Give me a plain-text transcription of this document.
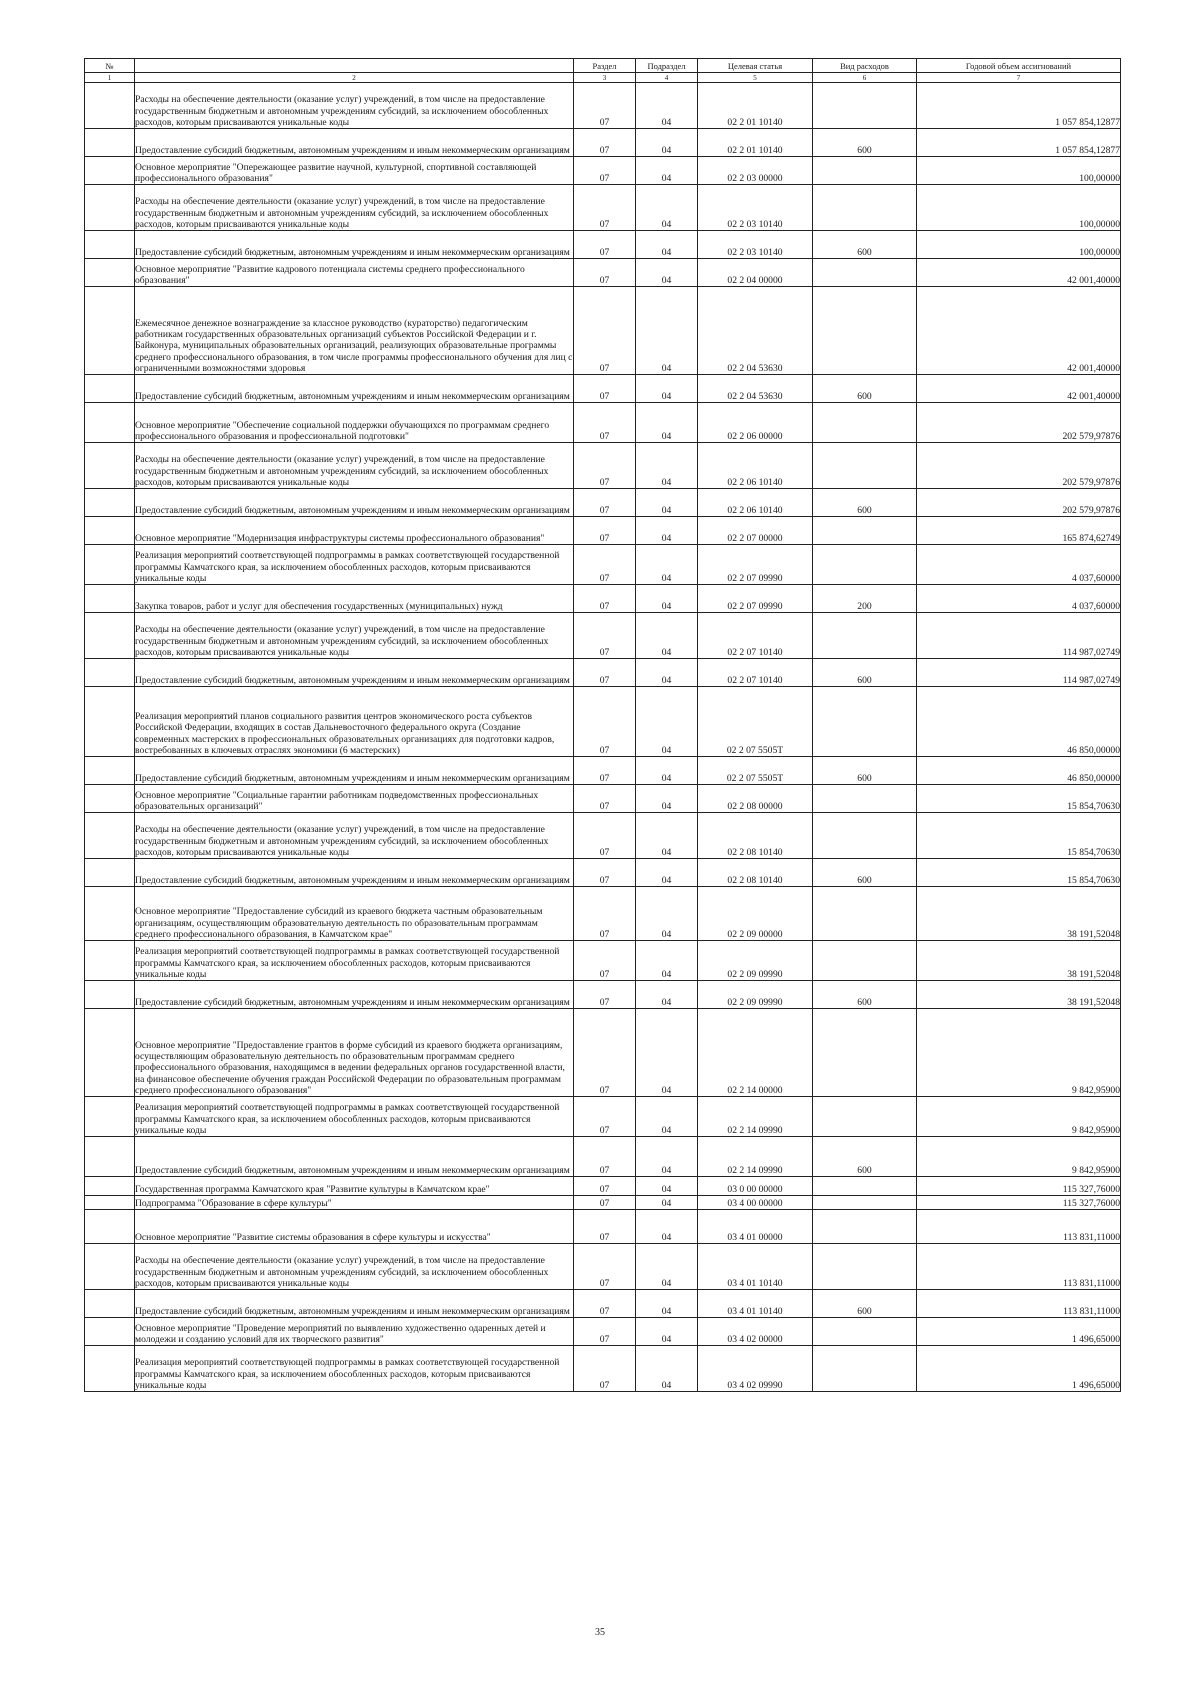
№		Раздел	Подраздел	Целевая статья	Вид расходов	Годовой объем ассигнований
1	2	3	4	5	6	7
	Расходы на обеспечение деятельности (оказание услуг) учреждений, в том числе на предоставление государственным бюджетным и автономным учреждениям субсидий, за исключением обособленных расходов, которым присваиваются уникальные коды	07	04	02 2 01 10140		1 057 854,12877
	Предоставление субсидий бюджетным, автономным учреждениям и иным некоммерческим организациям	07	04	02 2 01 10140	600	1 057 854,12877
	Основное мероприятие "Опережающее развитие научной, культурной, спортивной составляющей профессионального образования"	07	04	02 2 03 00000		100,00000
	Расходы на обеспечение деятельности (оказание услуг) учреждений, в том числе на предоставление государственным бюджетным и автономным учреждениям субсидий, за исключением обособленных расходов, которым присваиваются уникальные коды	07	04	02 2 03 10140		100,00000
	Предоставление субсидий бюджетным, автономным учреждениям и иным некоммерческим организациям	07	04	02 2 03 10140	600	100,00000
	Основное мероприятие "Развитие кадрового потенциала системы среднего профессионального образования"	07	04	02 2 04 00000		42 001,40000
	Ежемесячное денежное вознаграждение за классное руководство (кураторство) педагогическим работникам государственных образовательных организаций субъектов Российской Федерации и г. Байконура, муниципальных образовательных организаций, реализующих образовательные программы среднего профессионального образования, в том числе программы профессионального обучения для лиц с ограниченными возможностями здоровья	07	04	02 2 04 53630		42 001,40000
	Предоставление субсидий бюджетным, автономным учреждениям и иным некоммерческим организациям	07	04	02 2 04 53630	600	42 001,40000
	Основное мероприятие "Обеспечение социальной поддержки обучающихся по программам среднего профессионального образования и профессиональной подготовки"	07	04	02 2 06 00000		202 579,97876
	Расходы на обеспечение деятельности (оказание услуг) учреждений, в том числе на предоставление государственным бюджетным и автономным учреждениям субсидий, за исключением обособленных расходов, которым присваиваются уникальные коды	07	04	02 2 06 10140		202 579,97876
	Предоставление субсидий бюджетным, автономным учреждениям и иным некоммерческим организациям	07	04	02 2 06 10140	600	202 579,97876
	Основное мероприятие "Модернизация инфраструктуры системы профессионального образования"	07	04	02 2 07 00000		165 874,62749
	Реализация мероприятий соответствующей подпрограммы в рамках соответствующей государственной программы Камчатского края, за исключением обособленных расходов, которым присваиваются уникальные коды	07	04	02 2 07 09990		4 037,60000
	Закупка товаров, работ и услуг для обеспечения государственных (муниципальных) нужд	07	04	02 2 07 09990	200	4 037,60000
	Расходы на обеспечение деятельности (оказание услуг) учреждений, в том числе на предоставление государственным бюджетным и автономным учреждениям субсидий, за исключением обособленных расходов, которым присваиваются уникальные коды	07	04	02 2 07 10140		114 987,02749
	Предоставление субсидий бюджетным, автономным учреждениям и иным некоммерческим организациям	07	04	02 2 07 10140	600	114 987,02749
	Реализация мероприятий планов социального развития центров экономического роста субъектов Российской Федерации, входящих в состав Дальневосточного федерального округа (Создание современных мастерских в профессиональных образовательных организациях для подготовки кадров, востребованных в ключевых отраслях экономики (6 мастерских)	07	04	02 2 07 5505Т		46 850,00000
	Предоставление субсидий бюджетным, автономным учреждениям и иным некоммерческим организациям	07	04	02 2 07 5505Т	600	46 850,00000
	Основное мероприятие "Социальные гарантии работникам подведомственных профессиональных образовательных организаций"	07	04	02 2 08 00000		15 854,70630
	Расходы на обеспечение деятельности (оказание услуг) учреждений, в том числе на предоставление государственным бюджетным и автономным учреждениям субсидий, за исключением обособленных расходов, которым присваиваются уникальные коды	07	04	02 2 08 10140		15 854,70630
	Предоставление субсидий бюджетным, автономным учреждениям и иным некоммерческим организациям	07	04	02 2 08 10140	600	15 854,70630
	Основное мероприятие "Предоставление субсидий из краевого бюджета частным образовательным организациям, осуществляющим образовательную деятельность по образовательным программам среднего профессионального образования, в Камчатском крае"	07	04	02 2 09 00000		38 191,52048
	Реализация мероприятий соответствующей подпрограммы в рамках соответствующей государственной программы Камчатского края, за исключением обособленных расходов, которым присваиваются уникальные коды	07	04	02 2 09 09990		38 191,52048
	Предоставление субсидий бюджетным, автономным учреждениям и иным некоммерческим организациям	07	04	02 2 09 09990	600	38 191,52048
	Основное мероприятие "Предоставление грантов в форме субсидий из краевого бюджета организациям, осуществляющим образовательную деятельность по образовательным программам среднего профессионального образования, находящимся в ведении федеральных органов государственной власти, на финансовое обеспечение обучения граждан Российской Федерации по образовательным программам среднего профессионального образования"	07	04	02 2 14 00000		9 842,95900
	Реализация мероприятий соответствующей подпрограммы в рамках соответствующей государственной программы Камчатского края, за исключением обособленных расходов, которым присваиваются уникальные коды	07	04	02 2 14 09990		9 842,95900
	Предоставление субсидий бюджетным, автономным учреждениям и иным некоммерческим организациям	07	04	02 2 14 09990	600	9 842,95900
	Государственная программа Камчатского края "Развитие культуры в Камчатском крае"	07	04	03 0 00 00000		115 327,76000
	Подпрограмма "Образование в сфере культуры"	07	04	03 4 00 00000		115 327,76000
	Основное мероприятие "Развитие системы образования в сфере культуры и искусства"	07	04	03 4 01 00000		113 831,11000
	Расходы на обеспечение деятельности (оказание услуг) учреждений, в том числе на предоставление государственным бюджетным и автономным учреждениям субсидий, за исключением обособленных расходов, которым присваиваются уникальные коды	07	04	03 4 01 10140		113 831,11000
	Предоставление субсидий бюджетным, автономным учреждениям и иным некоммерческим организациям	07	04	03 4 01 10140	600	113 831,11000
	Основное мероприятие "Проведение мероприятий по выявлению художественно одаренных детей и молодежи и созданию условий для их творческого развития"	07	04	03 4 02 00000		1 496,65000
	Реализация мероприятий соответствующей подпрограммы в рамках соответствующей государственной программы Камчатского края, за исключением обособленных расходов, которым присваиваются уникальные коды	07	04	03 4 02 09990		1 496,65000
35
